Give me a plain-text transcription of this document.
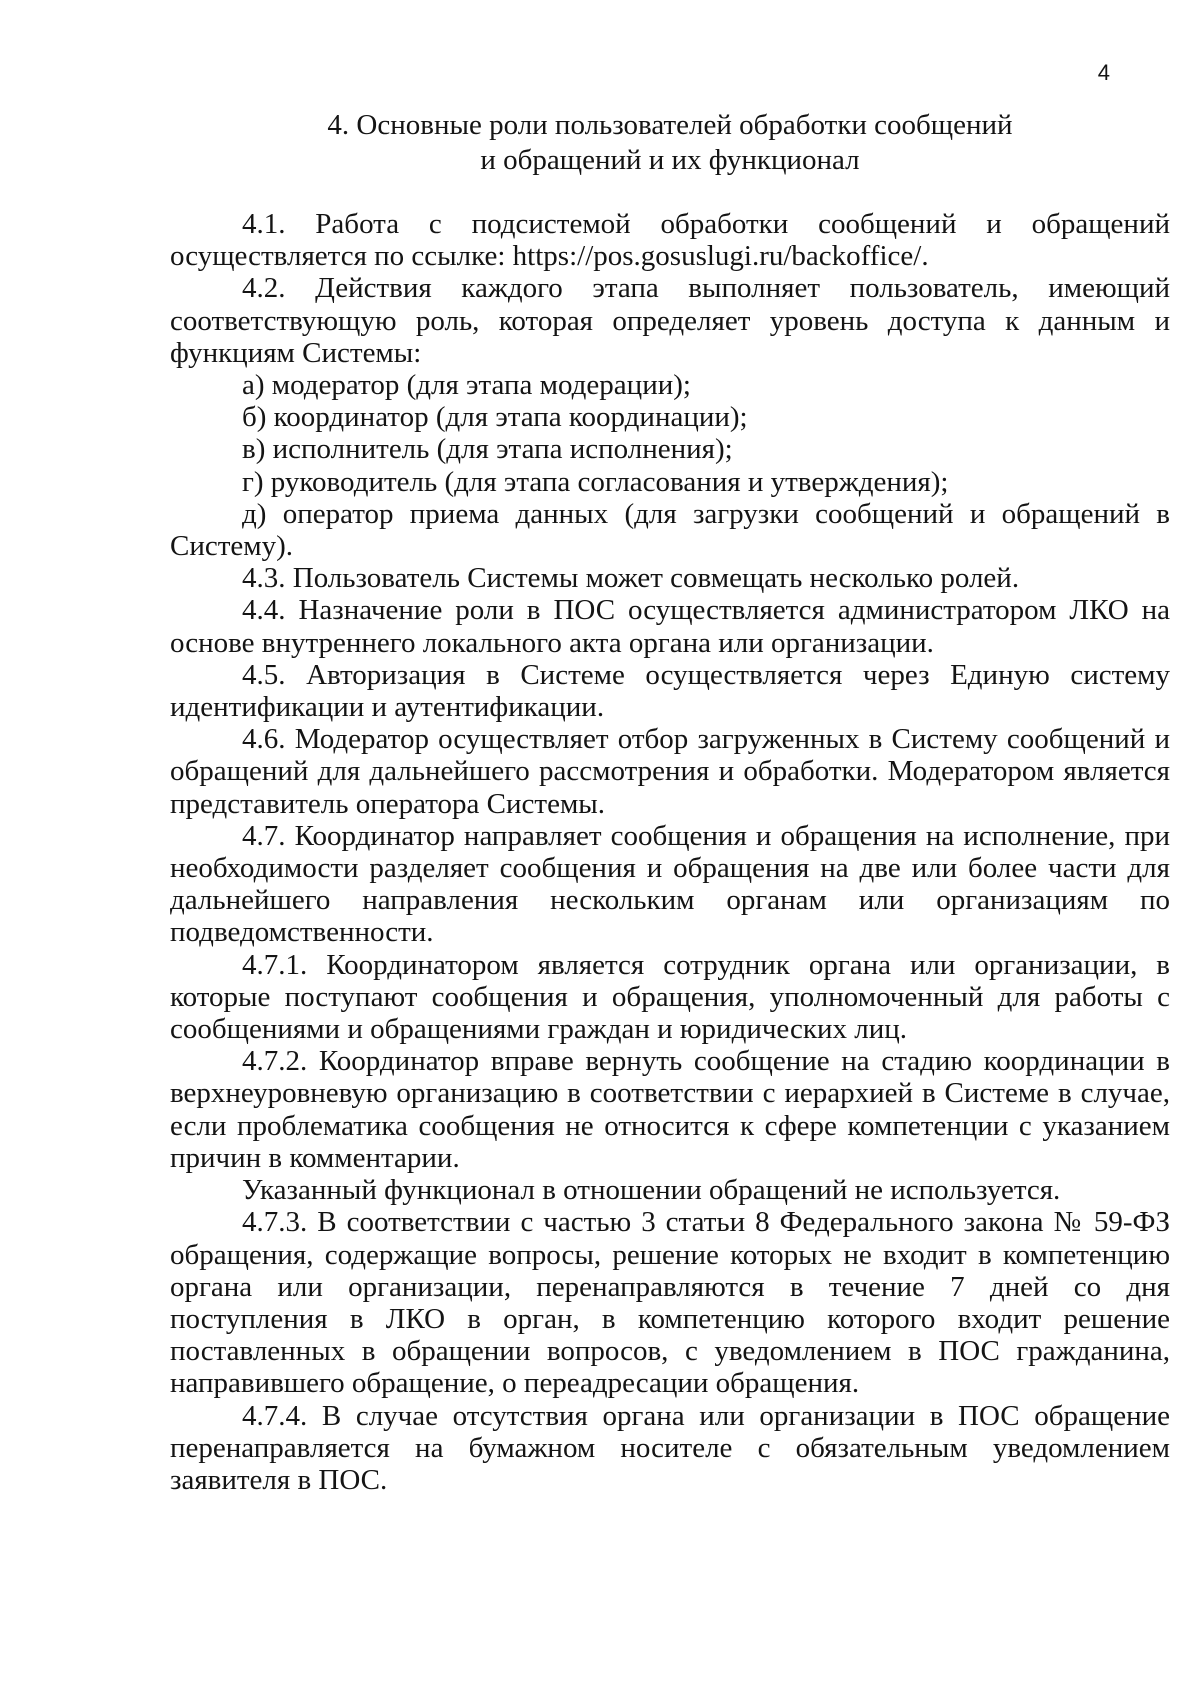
4
4. Основные роли пользователей обработки сообщений
и обращений и их функционал

4.1. Работа с подсистемой обработки сообщений и обращений осуществляется по ссылке: https://pos.gosuslugi.ru/backoffice/.

4.2. Действия каждого этапа выполняет пользователь, имеющий соответствующую роль, которая определяет уровень доступа к данным и функциям Системы:

а) модератор (для этапа модерации);

б) координатор (для этапа координации);

в) исполнитель (для этапа исполнения);

г) руководитель (для этапа согласования и утверждения);

д) оператор приема данных (для загрузки сообщений и обращений в Систему).

4.3. Пользователь Системы может совмещать несколько ролей.

4.4. Назначение роли в ПОС осуществляется администратором ЛКО на основе внутреннего локального акта органа или организации.

4.5. Авторизация в Системе осуществляется через Единую систему идентификации и аутентификации.

4.6. Модератор осуществляет отбор загруженных в Систему сообщений и обращений для дальнейшего рассмотрения и обработки. Модератором является представитель оператора Системы.

4.7. Координатор направляет сообщения и обращения на исполнение, при необходимости разделяет сообщения и обращения на две или более части для дальнейшего направления нескольким органам или организациям по подведомственности.

4.7.1. Координатором является сотрудник органа или организации, в которые поступают сообщения и обращения, уполномоченный для работы с сообщениями и обращениями граждан и юридических лиц.

4.7.2. Координатор вправе вернуть сообщение на стадию координации в верхнеуровневую организацию в соответствии с иерархией в Системе в случае, если проблематика сообщения не относится к сфере компетенции с указанием причин в комментарии.

Указанный функционал в отношении обращений не используется.

4.7.3. В соответствии с частью 3 статьи 8 Федерального закона № 59-ФЗ обращения, содержащие вопросы, решение которых не входит в компетенцию органа или организации, перенаправляются в течение 7 дней со дня поступления в ЛКО в орган, в компетенцию которого входит решение поставленных в обращении вопросов, с уведомлением в ПОС гражданина, направившего обращение, о переадресации обращения.

4.7.4. В случае отсутствия органа или организации в ПОС обращение перенаправляется на бумажном носителе с обязательным уведомлением заявителя в ПОС.
